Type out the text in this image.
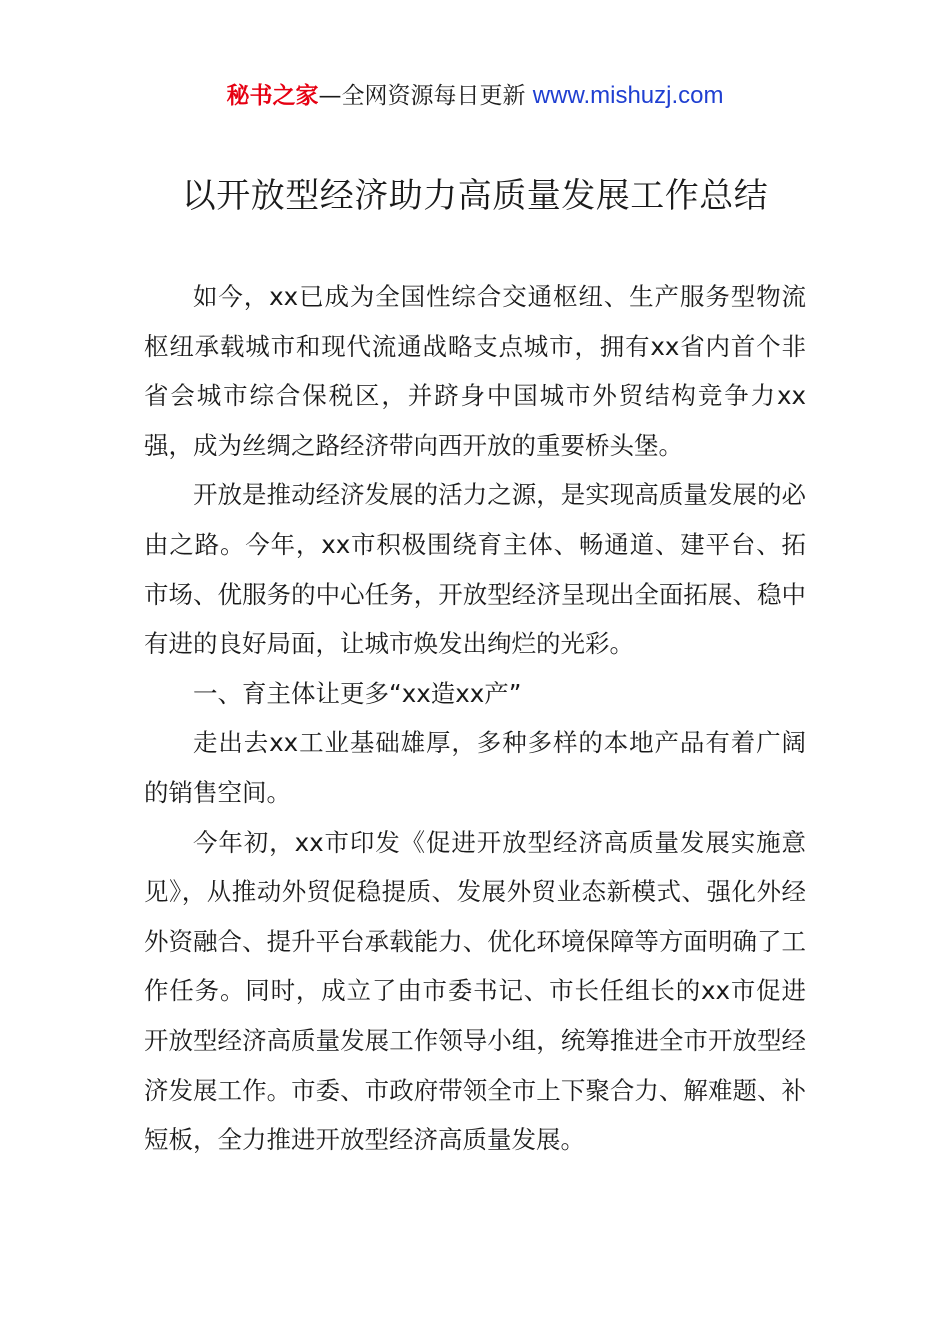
秘书之家—全网资源每日更新 www.mishuzj.com
以开放型经济助力高质量发展工作总结

如今，xx已成为全国性综合交通枢纽、生产服务型物流枢纽承载城市和现代流通战略支点城市，拥有xx省内首个非省会城市综合保税区，并跻身中国城市外贸结构竞争力xx强，成为丝绸之路经济带向西开放的重要桥头堡。

开放是推动经济发展的活力之源，是实现高质量发展的必由之路。今年，xx市积极围绕育主体、畅通道、建平台、拓市场、优服务的中心任务，开放型经济呈现出全面拓展、稳中有进的良好局面，让城市焕发出绚烂的光彩。

一、育主体让更多“xx造xx产”

走出去xx工业基础雄厚，多种多样的本地产品有着广阔的销售空间。

今年初，xx市印发《促进开放型经济高质量发展实施意见》，从推动外贸促稳提质、发展外贸业态新模式、强化外经外资融合、提升平台承载能力、优化环境保障等方面明确了工作任务。同时，成立了由市委书记、市长任组长的xx市促进开放型经济高质量发展工作领导小组，统筹推进全市开放型经济发展工作。市委、市政府带领全市上下聚合力、解难题、补短板，全力推进开放型经济高质量发展。
